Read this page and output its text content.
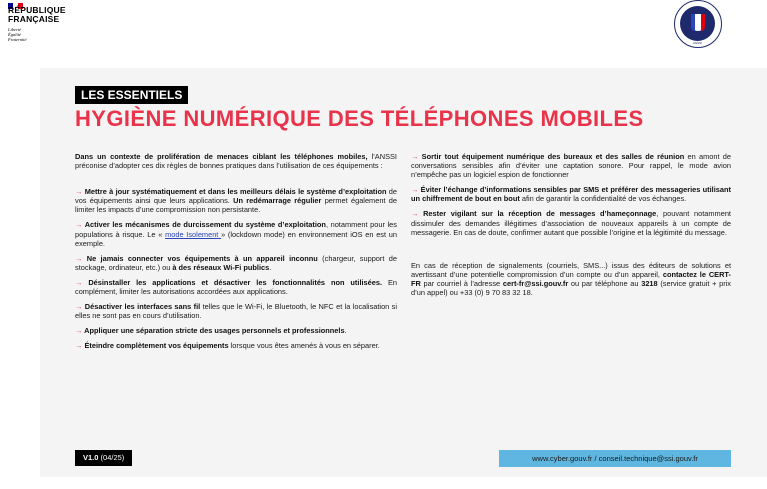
RÉPUBLIQUE
FRANÇAISE
Liberté
Égalité
Fraternité
ANSSI
LES ESSENTIELS
HYGIÈNE NUMÉRIQUE DES TÉLÉPHONES MOBILES

Dans un contexte de prolifération de menaces ciblant les téléphones mobiles, l’ANSSI préconise d’adopter ces dix règles de bonnes pratiques dans l’utilisation de ces équipements :

→ Mettre à jour systématiquement et dans les meilleurs délais le système d’exploitation de vos équipements ainsi que leurs applications. Un redémarrage régulier permet également de limiter les impacts d’une compromission non persistante.

→ Activer les mécanismes de durcissement du système d’exploitation, notamment pour les populations à risque. Le « mode Isolement » (lockdown mode) en environnement iOS en est un exemple.

→ Ne jamais connecter vos équipements à un appareil inconnu (chargeur, support de stockage, ordinateur, etc.) ou à des réseaux Wi-Fi publics.

→ Désinstaller les applications et désactiver les fonctionnalités non utilisées. En complément, limiter les autorisations accordées aux applications.

→ Désactiver les interfaces sans fil telles que le Wi-Fi, le Bluetooth, le NFC et la localisation si elles ne sont pas en cours d’utilisation.

→ Appliquer une séparation stricte des usages personnels et professionnels.

→ Éteindre complètement vos équipements lorsque vous êtes amenés à vous en séparer.

→ Sortir tout équipement numérique des bureaux et des salles de réunion en amont de conversations sensibles afin d’éviter une captation sonore. Pour rappel, le mode avion n’empêche pas un logiciel espion de fonctionner

→ Éviter l’échange d’informations sensibles par SMS et préférer des messageries utilisant un chiffrement de bout en bout afin de garantir la confidentialité de vos échanges.

→ Rester vigilant sur la réception de messages d’hameçonnage, pouvant notamment dissimuler des demandes illégitimes d’association de nouveaux appareils à un compte de messagerie. En cas de doute, confirmer autant que possible l’origine et la légitimité du message.

En cas de réception de signalements (courriels, SMS...) issus des éditeurs de solutions et avertissant d’une potentielle compromission d’un compte ou d’un appareil, contactez le CERT-FR par courriel à l’adresse cert-fr@ssi.gouv.fr ou par téléphone au 3218 (service gratuit + prix d’un appel) ou +33 (0) 9 70 83 32 18.

V1.0 (04/25)	www.cyber.gouv.fr / conseil.technique@ssi.gouv.fr
